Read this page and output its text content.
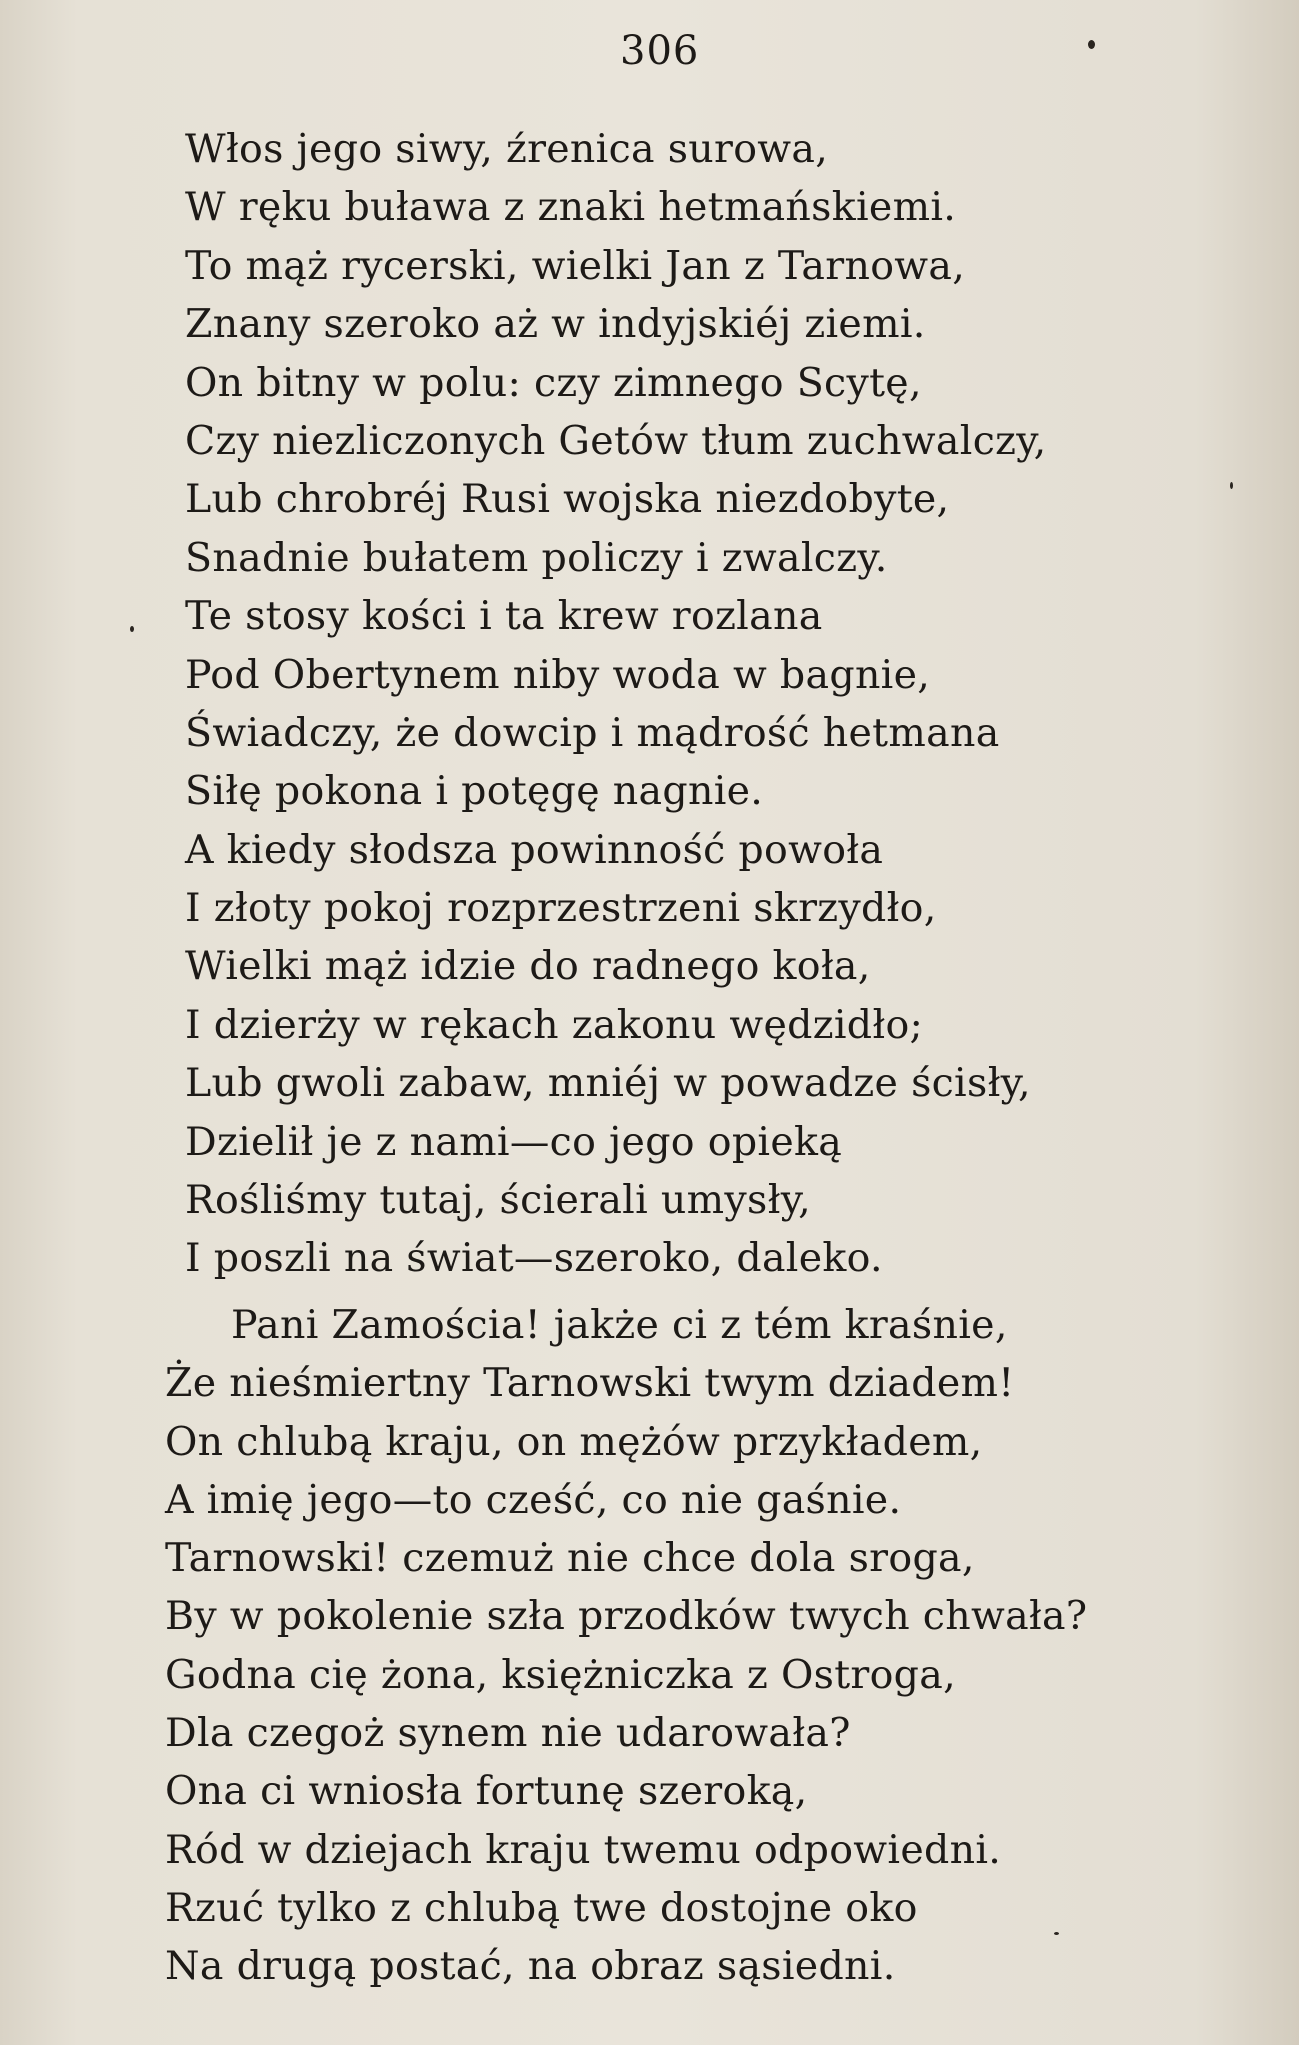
306
Włos jego siwy, źrenica surowa,
W ręku buława z znaki hetmańskiemi.
To mąż rycerski, wielki Jan z Tarnowa,
Znany szeroko aż w indyjskiéj ziemi.
On bitny w polu: czy zimnego Scytę,
Czy niezliczonych Getów tłum zuchwalczy,
Lub chrobréj Rusi wojska niezdobyte,
Snadnie bułatem policzy i zwalczy.
Te stosy kości i ta krew rozlana
Pod Obertynem niby woda w bagnie,
Świadczy, że dowcip i mądrość hetmana
Siłę pokona i potęgę nagnie.
A kiedy słodsza powinność powoła
I złoty pokoj rozprzestrzeni skrzydło,
Wielki mąż idzie do radnego koła,
I dzierży w rękach zakonu wędzidło;
Lub gwoli zabaw, mniéj w powadze ścisły,
Dzielił je z nami—co jego opieką
Rośliśmy tutaj, ścierali umysły,
I poszli na świat—szeroko, daleko.
Pani Zamościa! jakże ci z tém kraśnie,
Że nieśmiertny Tarnowski twym dziadem!
On chlubą kraju, on mężów przykładem,
A imię jego—to cześć, co nie gaśnie.
Tarnowski! czemuż nie chce dola sroga,
By w pokolenie szła przodków twych chwała?
Godna cię żona, księżniczka z Ostroga,
Dla czegoż synem nie udarowała?
Ona ci wniosła fortunę szeroką,
Ród w dziejach kraju twemu odpowiedni.
Rzuć tylko z chlubą twe dostojne oko
Na drugą postać, na obraz sąsiedni.
